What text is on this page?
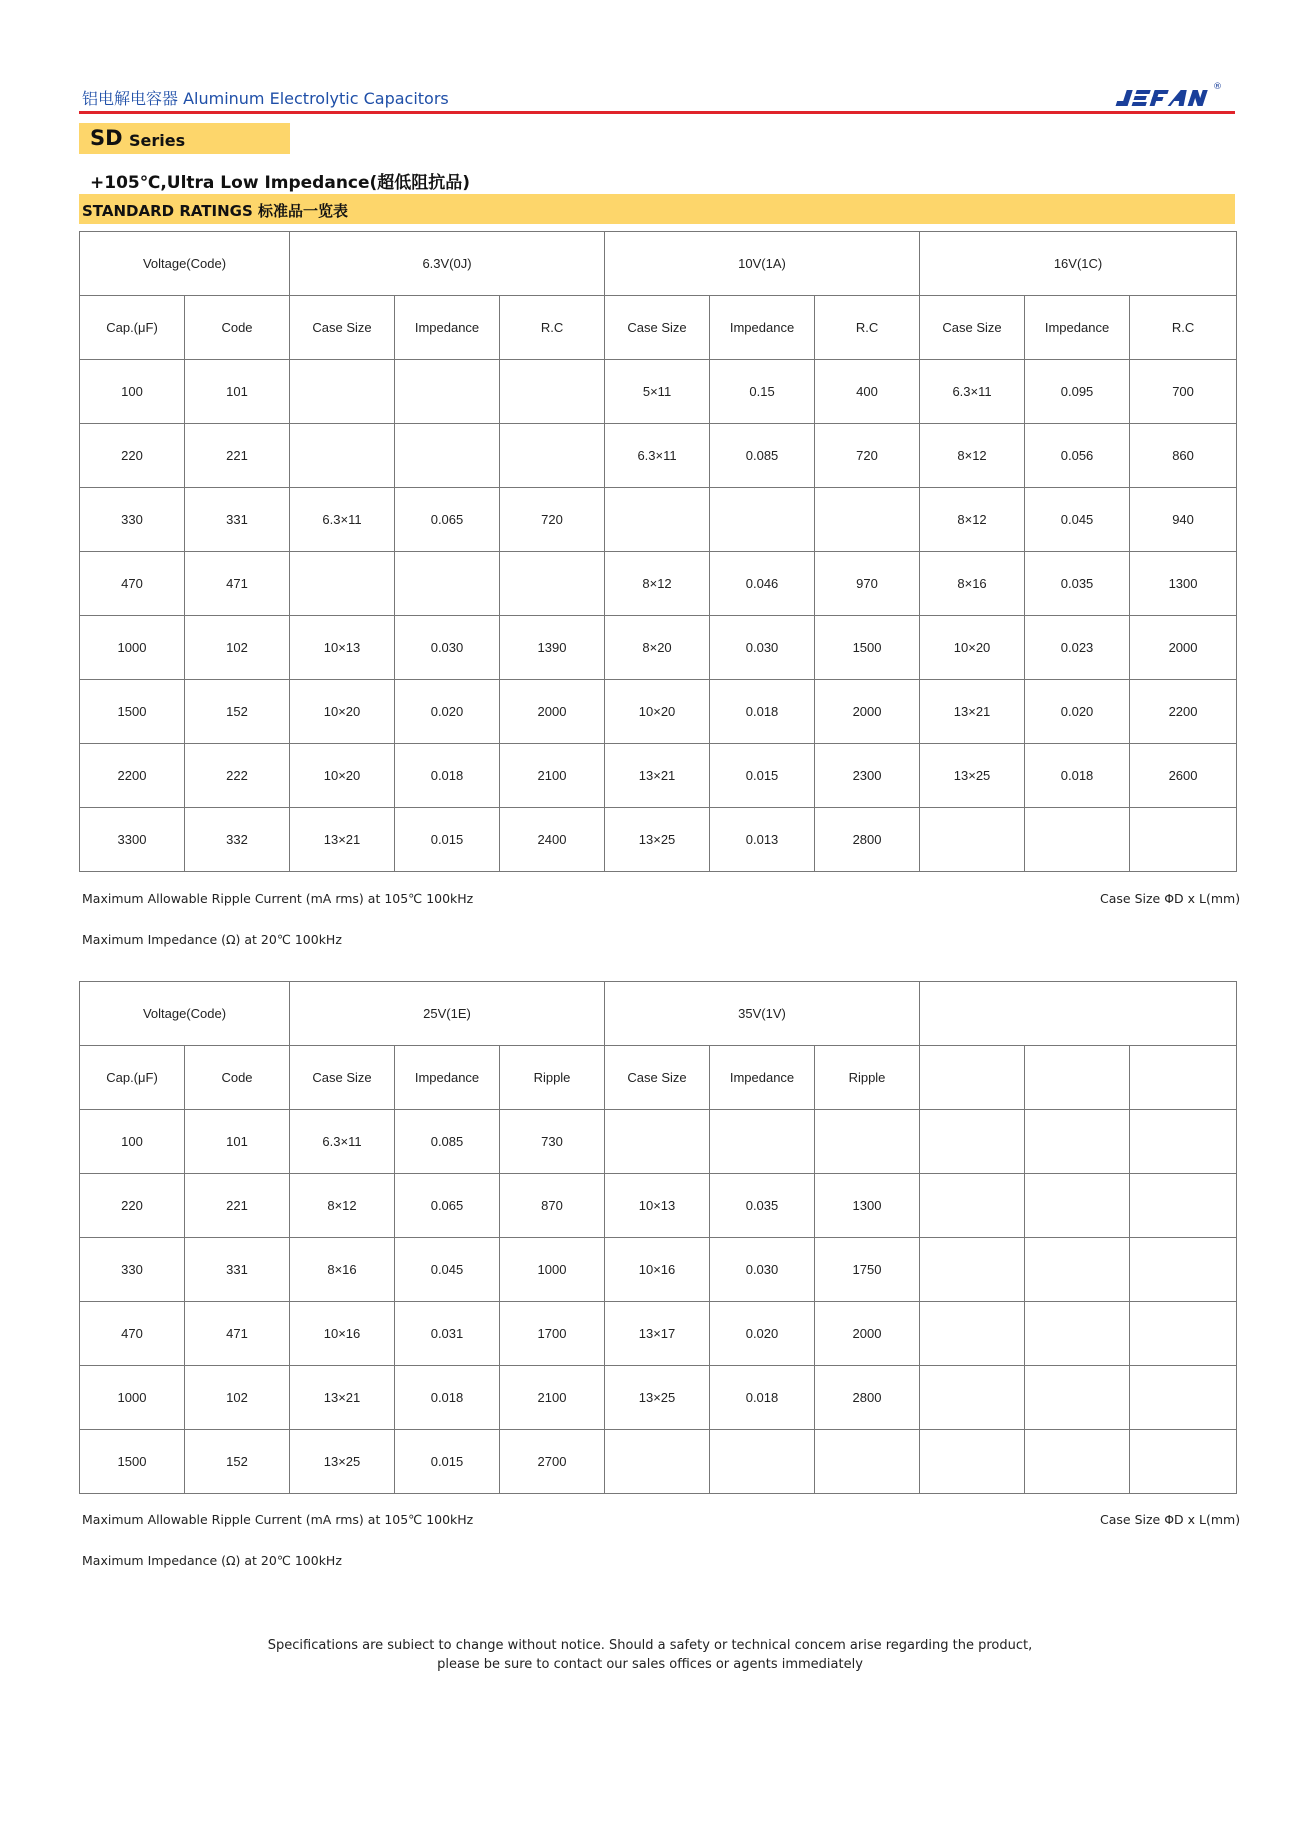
铝电解电容器 Aluminum Electrolytic Capacitors
®
SD Series
+105℃,Ultra Low Impedance(超低阻抗品)
STANDARD RATINGS 标准品一览表
Voltage(Code)		6.3V(0J)			10V(1A)			16V(1C)		
Cap.(μF)	Code	Case Size	Impedance	R.C	Case Size	Impedance	R.C	Case Size	Impedance	R.C
100	101				5×11	0.15	400	6.3×11	0.095	700
220	221				6.3×11	0.085	720	8×12	0.056	860
330	331	6.3×11	0.065	720				8×12	0.045	940
470	471				8×12	0.046	970	8×16	0.035	1300
1000	102	10×13	0.030	1390	8×20	0.030	1500	10×20	0.023	2000
1500	152	10×20	0.020	2000	10×20	0.018	2000	13×21	0.020	2200
2200	222	10×20	0.018	2100	13×21	0.015	2300	13×25	0.018	2600
3300	332	13×21	0.015	2400	13×25	0.013	2800			
Maximum Allowable Ripple Current (mA rms) at 105℃ 100kHz	Case Size ΦD x L(mm)
Maximum Impedance (Ω) at 20℃ 100kHz
Voltage(Code)		25V(1E)			35V(1V)					
Cap.(μF)	Code	Case Size	Impedance	Ripple	Case Size	Impedance	Ripple			
100	101	6.3×11	0.085	730						
220	221	8×12	0.065	870	10×13	0.035	1300			
330	331	8×16	0.045	1000	10×16	0.030	1750			
470	471	10×16	0.031	1700	13×17	0.020	2000			
1000	102	13×21	0.018	2100	13×25	0.018	2800			
1500	152	13×25	0.015	2700						
Maximum Allowable Ripple Current (mA rms) at 105℃ 100kHz	Case Size ΦD x L(mm)
Maximum Impedance (Ω) at 20℃ 100kHz
Specifications are subiect to change without notice. Should a safety or technical concem arise regarding the product,
please be sure to contact our sales offices or agents immediately
